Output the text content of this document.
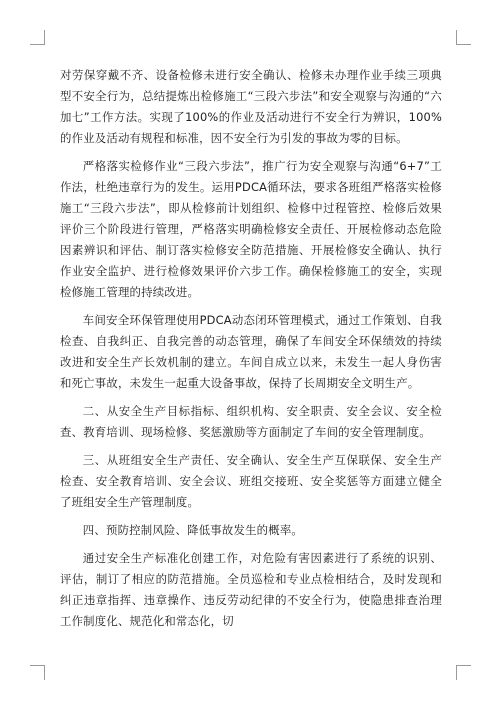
对劳保穿戴不齐、设备检修未进行安全确认、检修未办理作业手续三项典型不安全行为，总结提炼出检修施工“三段六步法”和安全观察与沟通的“六加七”工作方法。实现了100%的作业及活动进行不安全行为辨识，100%的作业及活动有规程和标准，因不安全行为引发的事故为零的目标。

严格落实检修作业“三段六步法”，推广行为安全观察与沟通“6+7”工作法，杜绝违章行为的发生。运用PDCA循环法，要求各班组严格落实检修施工“三段六步法”，即从检修前计划组织、检修中过程管控、检修后效果评价三个阶段进行管理，严格落实明确检修安全责任、开展检修动态危险因素辨识和评估、制订落实检修安全防范措施、开展检修安全确认、执行作业安全监护、进行检修效果评价六步工作。确保检修施工的安全，实现检修施工管理的持续改进。

车间安全环保管理使用PDCA动态闭环管理模式，通过工作策划、自我检查、自我纠正、自我完善的动态管理，确保了车间安全环保绩效的持续改进和安全生产长效机制的建立。车间自成立以来，未发生一起人身伤害和死亡事故，未发生一起重大设备事故，保持了长周期安全文明生产。

二、从安全生产目标指标、组织机构、安全职责、安全会议、安全检查、教育培训、现场检修、奖惩激励等方面制定了车间的安全管理制度。

三、从班组安全生产责任、安全确认、安全生产互保联保、安全生产检查、安全教育培训、安全会议、班组交接班、安全奖惩等方面建立健全了班组安全生产管理制度。

四、预防控制风险、降低事故发生的概率。

通过安全生产标准化创建工作，对危险有害因素进行了系统的识别、评估，制订了相应的防范措施。全员巡检和专业点检相结合，及时发现和纠正违章指挥、违章操作、违反劳动纪律的不安全行为，使隐患排查治理工作制度化、规范化和常态化，切
